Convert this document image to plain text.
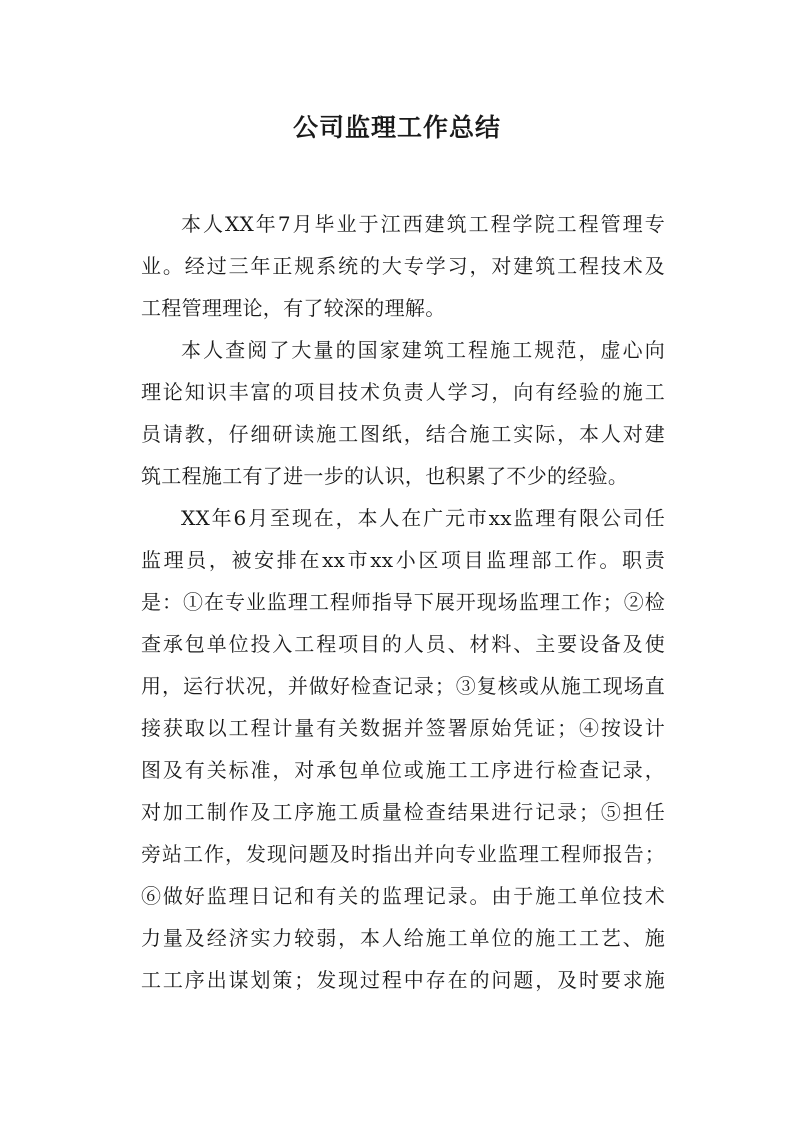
公司监理工作总结
本人XX年7月毕业于江西建筑工程学院工程管理专
业。经过三年正规系统的大专学习，对建筑工程技术及
工程管理理论，有了较深的理解。
本人查阅了大量的国家建筑工程施工规范，虚心向
理论知识丰富的项目技术负责人学习，向有经验的施工
员请教，仔细研读施工图纸，结合施工实际，本人对建
筑工程施工有了进一步的认识，也积累了不少的经验。
XX年6月至现在，本人在广元市xx监理有限公司任
监理员，被安排在xx市xx小区项目监理部工作。职责
是：①在专业监理工程师指导下展开现场监理工作；②检
查承包单位投入工程项目的人员、材料、主要设备及使
用，运行状况，并做好检查记录；③复核或从施工现场直
接获取以工程计量有关数据并签署原始凭证；④按设计
图及有关标准，对承包单位或施工工序进行检查记录，
对加工制作及工序施工质量检查结果进行记录；⑤担任
旁站工作，发现问题及时指出并向专业监理工程师报告；
⑥做好监理日记和有关的监理记录。由于施工单位技术
力量及经济实力较弱，本人给施工单位的施工工艺、施
工工序出谋划策；发现过程中存在的问题，及时要求施
